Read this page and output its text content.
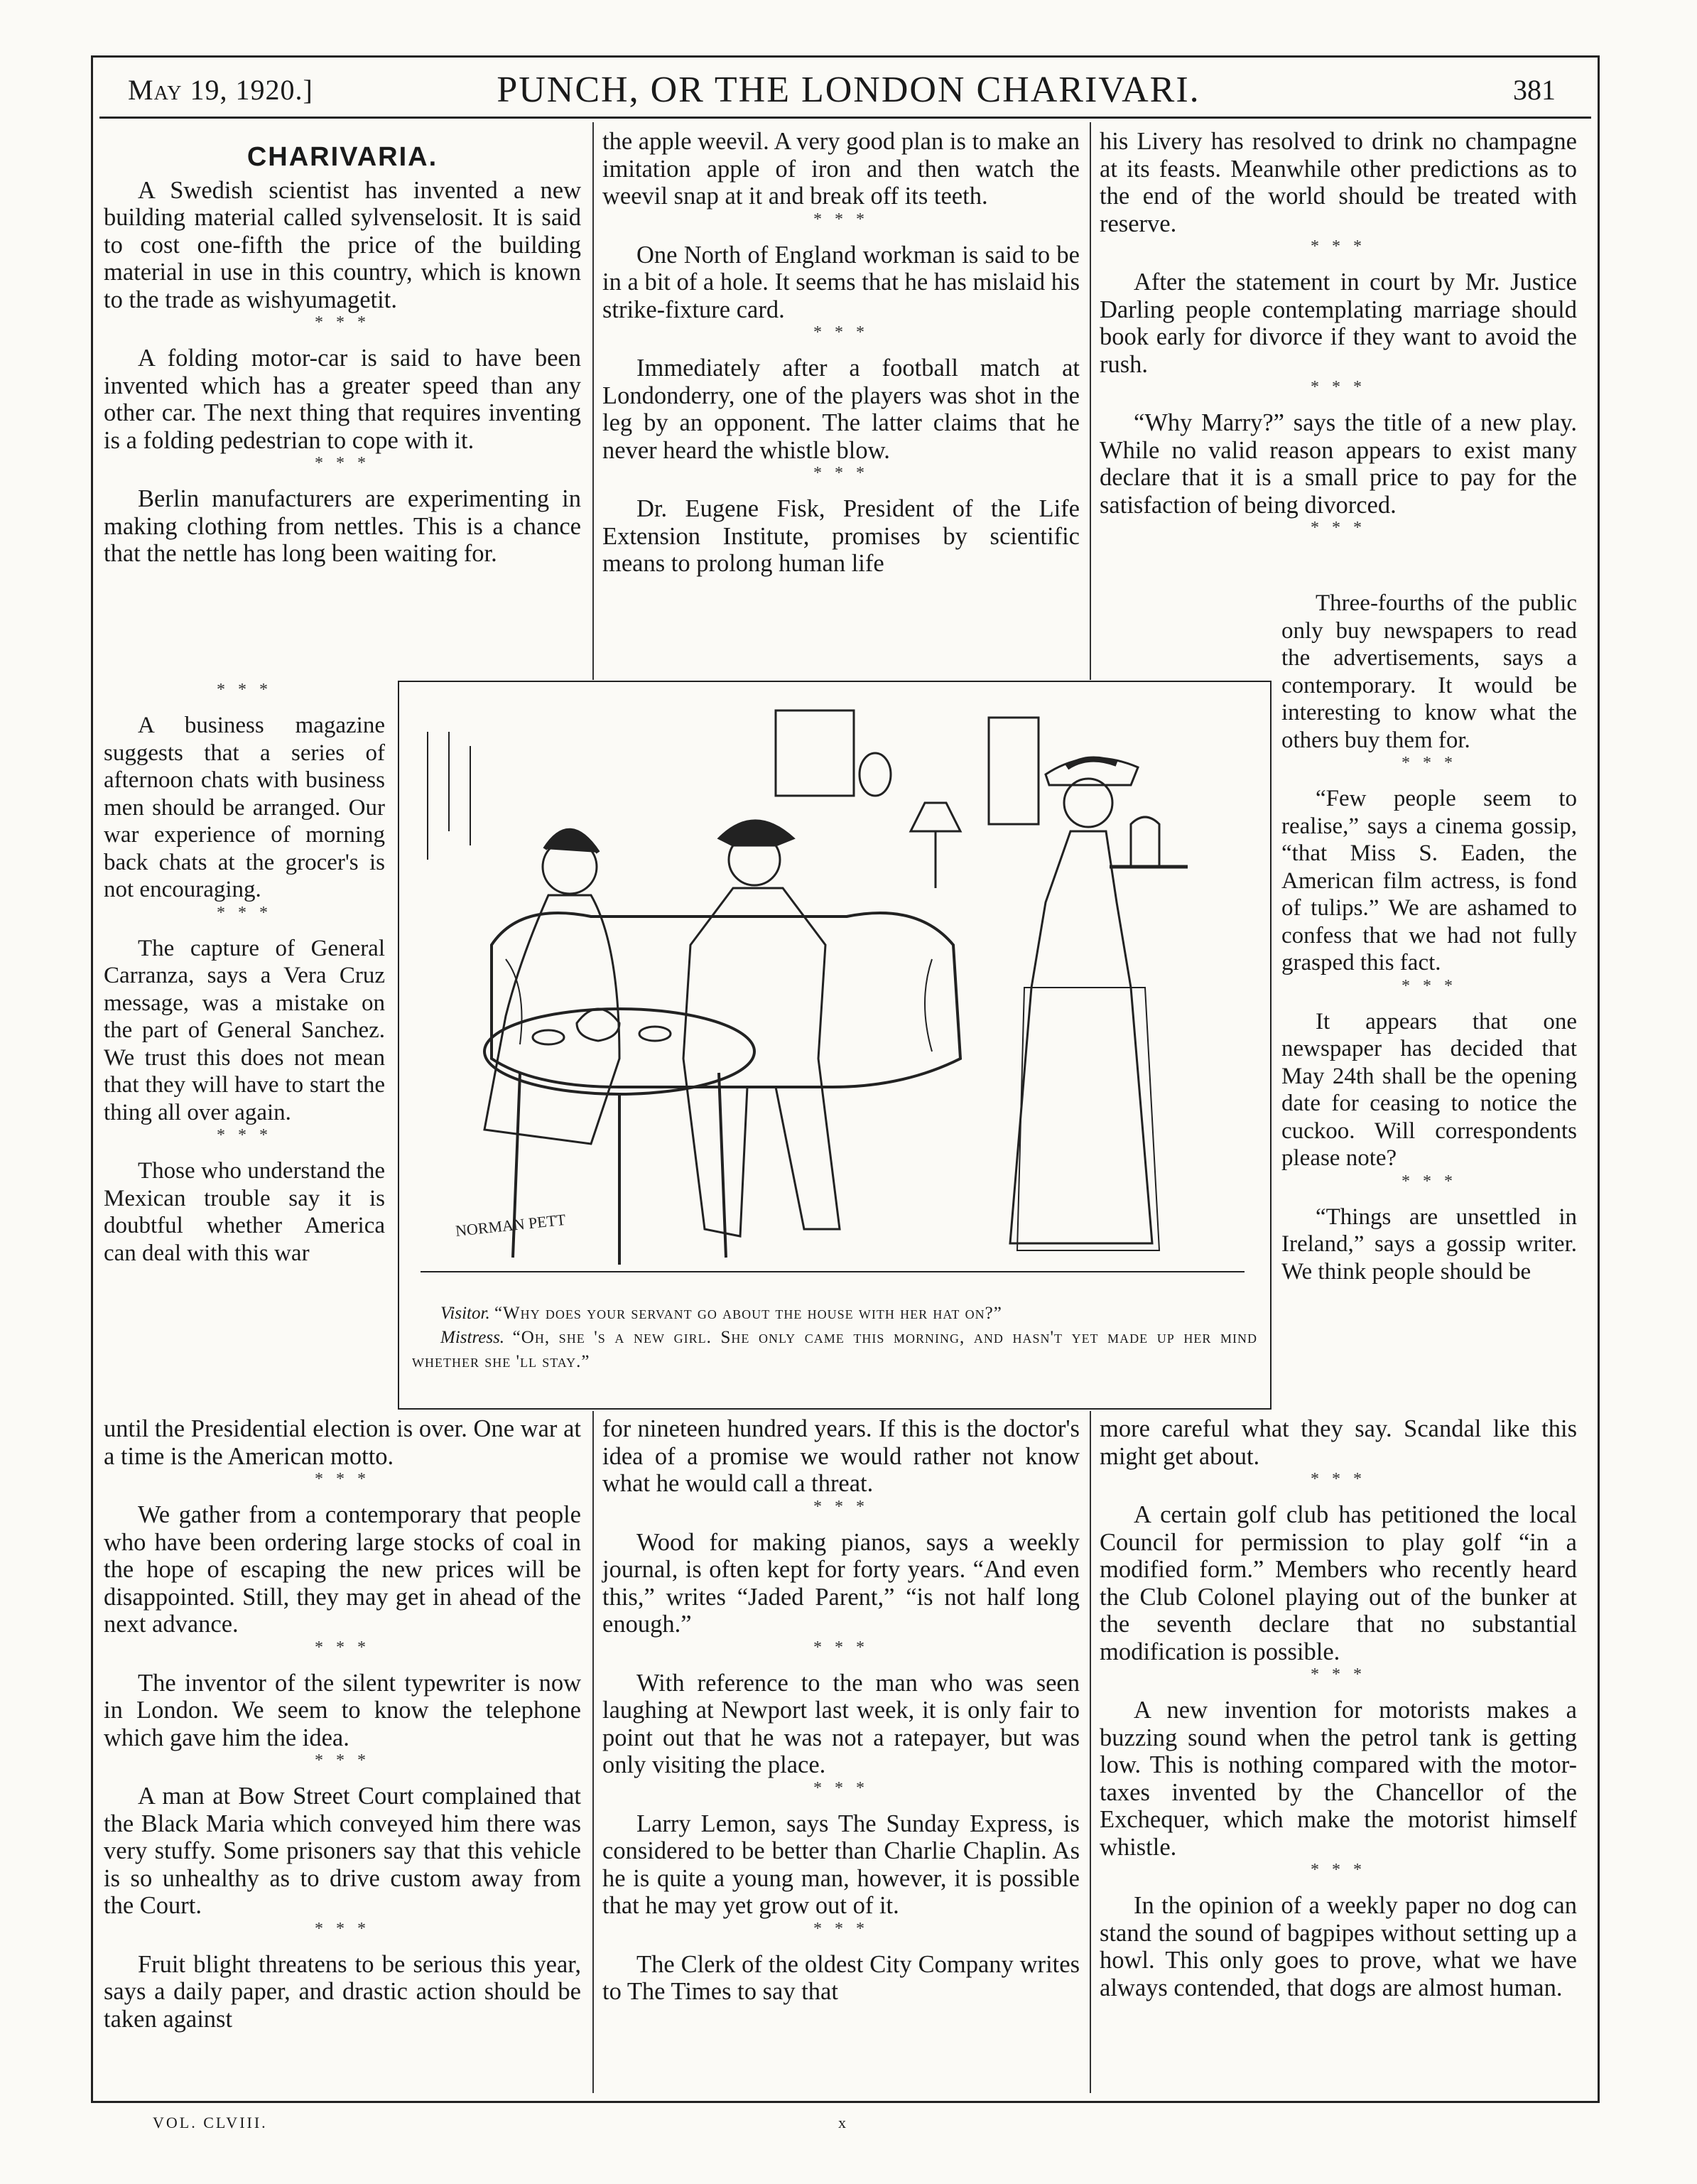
May 19, 1920.]	PUNCH, OR THE LONDON CHARIVARI.	381
CHARIVARIA.

A Swedish scientist has invented a new building material called sylvenselosit. It is said to cost one-fifth the price of the building material in use in this country, which is known to the trade as wishyumagetit.

* * *

A folding motor-car is said to have been invented which has a greater speed than any other car. The next thing that requires inventing is a folding pedestrian to cope with it.

* * *

Berlin manufacturers are experimenting in making clothing from nettles. This is a chance that the nettle has long been waiting for.

* * *

A business magazine suggests that a series of afternoon chats with business men should be arranged. Our war experience of morning back chats at the grocer's is not encouraging.

* * *

The capture of General Carranza, says a Vera Cruz message, was a mistake on the part of General Sanchez. We trust this does not mean that they will have to start the thing all over again.

* * *

Those who understand the Mexican trouble say it is doubtful whether America can deal with this war

until the Presidential election is over. One war at a time is the American motto.

* * *

We gather from a contemporary that people who have been ordering large stocks of coal in the hope of escaping the new prices will be disappointed. Still, they may get in ahead of the next advance.

* * *

The inventor of the silent typewriter is now in London. We seem to know the telephone which gave him the idea.

* * *

A man at Bow Street Court complained that the Black Maria which conveyed him there was very stuffy. Some prisoners say that this vehicle is so unhealthy as to drive custom away from the Court.

* * *

Fruit blight threatens to be serious this year, says a daily paper, and drastic action should be taken against

the apple weevil. A very good plan is to make an imitation apple of iron and then watch the weevil snap at it and break off its teeth.

* * *

One North of England workman is said to be in a bit of a hole. It seems that he has mislaid his strike-fixture card.

* * *

Immediately after a football match at Londonderry, one of the players was shot in the leg by an opponent. The latter claims that he never heard the whistle blow.

* * *

Dr. Eugene Fisk, President of the Life Extension Institute, promises by scientific means to prolong human life

for nineteen hundred years. If this is the doctor's idea of a promise we would rather not know what he would call a threat.

* * *

Wood for making pianos, says a weekly journal, is often kept for forty years. “And even this,” writes “Jaded Parent,” “is not half long enough.”

* * *

With reference to the man who was seen laughing at Newport last week, it is only fair to point out that he was not a ratepayer, but was only visiting the place.

* * *

Larry Lemon, says The Sunday Express, is considered to be better than Charlie Chaplin. As he is quite a young man, however, it is possible that he may yet grow out of it.

* * *

The Clerk of the oldest City Company writes to The Times to say that

his Livery has resolved to drink no champagne at its feasts. Meanwhile other predictions as to the end of the world should be treated with reserve.

* * *

After the statement in court by Mr. Justice Darling people contemplating marriage should book early for divorce if they want to avoid the rush.

* * *

“Why Marry?” says the title of a new play. While no valid reason appears to exist many declare that it is a small price to pay for the satisfaction of being divorced.

* * *

Three-fourths of the public only buy newspapers to read the advertisements, says a contemporary. It would be interesting to know what the others buy them for.

* * *

“Few people seem to realise,” says a cinema gossip, “that Miss S. Eaden, the American film actress, is fond of tulips.” We are ashamed to confess that we had not fully grasped this fact.

* * *

It appears that one newspaper has decided that May 24th shall be the opening date for ceasing to notice the cuckoo. Will correspondents please note?

* * *

“Things are unsettled in Ireland,” says a gossip writer. We think people should be

more careful what they say. Scandal like this might get about.

* * *

A certain golf club has petitioned the local Council for permission to play golf “in a modified form.” Members who recently heard the Club Colonel playing out of the bunker at the seventh declare that no substantial modification is possible.

* * *

A new invention for motorists makes a buzzing sound when the petrol tank is getting low. This is nothing compared with the motor-taxes invented by the Chancellor of the Exchequer, which make the motorist himself whistle.

* * *

In the opinion of a weekly paper no dog can stand the sound of bagpipes without setting up a howl. This only goes to prove, what we have always contended, that dogs are almost human.

NORMAN PETT
Visitor. “Why does your servant go about the house with her hat on?”
Mistress. “Oh, she 's a new girl. She only came this morning, and hasn't yet made up her mind whether she 'll stay.”
VOL. CLVIII.	x
